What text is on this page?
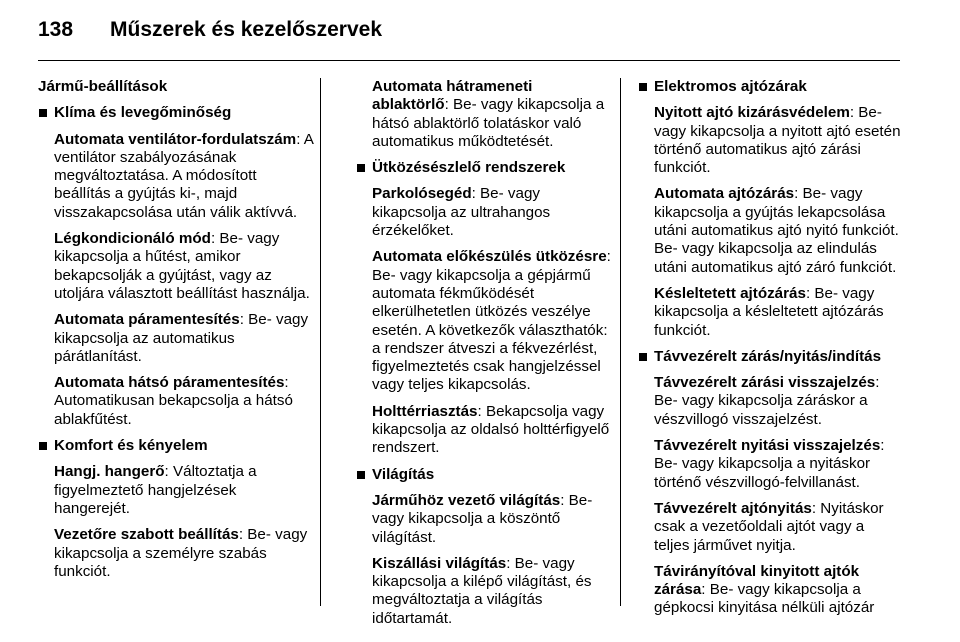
138 Műszerek és kezelőszervek
Jármű-beállítások
Klíma és levegőminőség
Automata ventilátor-fordulatszám: A ventilátor szabályozásának megváltoztatása. A módosított beállítás a gyújtás ki-, majd visszakapcsolása után válik aktívvá.
Légkondicionáló mód: Be- vagy kikapcsolja a hűtést, amikor bekapcsolják a gyújtást, vagy az utoljára választott beállítást használja.
Automata páramentesítés: Be- vagy kikapcsolja az automatikus párátlanítást.
Automata hátsó páramentesítés: Automatikusan bekapcsolja a hátsó ablakfűtést.
Komfort és kényelem
Hangj. hangerő: Változtatja a figyelmeztető hangjelzések hangerejét.
Vezetőre szabott beállítás: Be- vagy kikapcsolja a személyre szabás funkciót.
Automata hátrameneti ablaktörlő: Be- vagy kikapcsolja a hátsó ablaktörlő tolatáskor való automatikus működtetését.
Ütközésészlelő rendszerek
Parkolósegéd: Be- vagy kikapcsolja az ultrahangos érzékelőket.
Automata előkészülés ütközésre: Be- vagy kikapcsolja a gépjármű automata fékműködését elkerülhetetlen ütközés veszélye esetén. A következők választhatók: a rendszer átveszi a fékvezérlést, figyelmeztetés csak hangjelzéssel vagy teljes kikapcsolás.
Holttérriasztás: Bekapcsolja vagy kikapcsolja az oldalsó holttérfigyelő rendszert.
Világítás
Járműhöz vezető világítás: Be- vagy kikapcsolja a köszöntő világítást.
Kiszállási világítás: Be- vagy kikapcsolja a kilépő világítást, és megváltoztatja a világítás időtartamát.
Elektromos ajtózárak
Nyitott ajtó kizárásvédelem: Be- vagy kikapcsolja a nyitott ajtó esetén történő automatikus ajtó zárási funkciót.
Automata ajtózárás: Be- vagy kikapcsolja a gyújtás lekapcsolása utáni automatikus ajtó nyitó funkciót. Be- vagy kikapcsolja az elindulás utáni automatikus ajtó záró funkciót.
Késleltetett ajtózárás: Be- vagy kikapcsolja a késleltetett ajtózárás funkciót.
Távvezérelt zárás/nyitás/indítás
Távvezérelt zárási visszajelzés: Be- vagy kikapcsolja záráskor a vészvillogó visszajelzést.
Távvezérelt nyitási visszajelzés: Be- vagy kikapcsolja a nyitáskor történő vészvillogó-felvillanást.
Távvezérelt ajtónyitás: Nyitáskor csak a vezetőoldali ajtót vagy a teljes járművet nyitja.
Távirányítóval kinyitott ajtók zárása: Be- vagy kikapcsolja a gépkocsi kinyitása nélküli ajtózár
